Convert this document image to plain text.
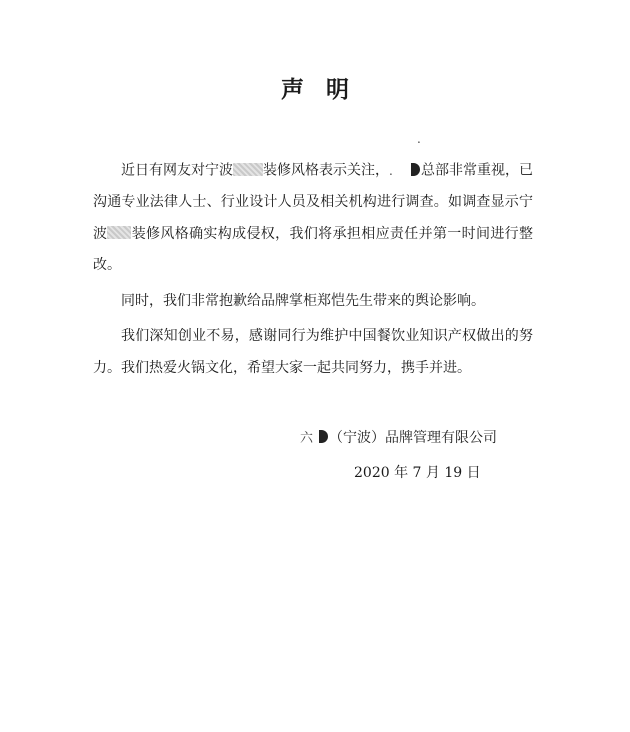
声明

近日有网友对宁波 装修风格表示关注，. . 总部非常重视，已沟通专业法律人士、行业设计人员及相关机构进行调查。如调查显示宁波 装修风格确实构成侵权，我们将承担相应责任并第一时间进行整改。

同时，我们非常抱歉给品牌掌柜郑恺先生带来的舆论影响。

我们深知创业不易，感谢同行为维护中国餐饮业知识产权做出的努力。我们热爱火锅文化，希望大家一起共同努力，携手并进。

六 （宁波）品牌管理有限公司
2020 年 7 月 19 日
